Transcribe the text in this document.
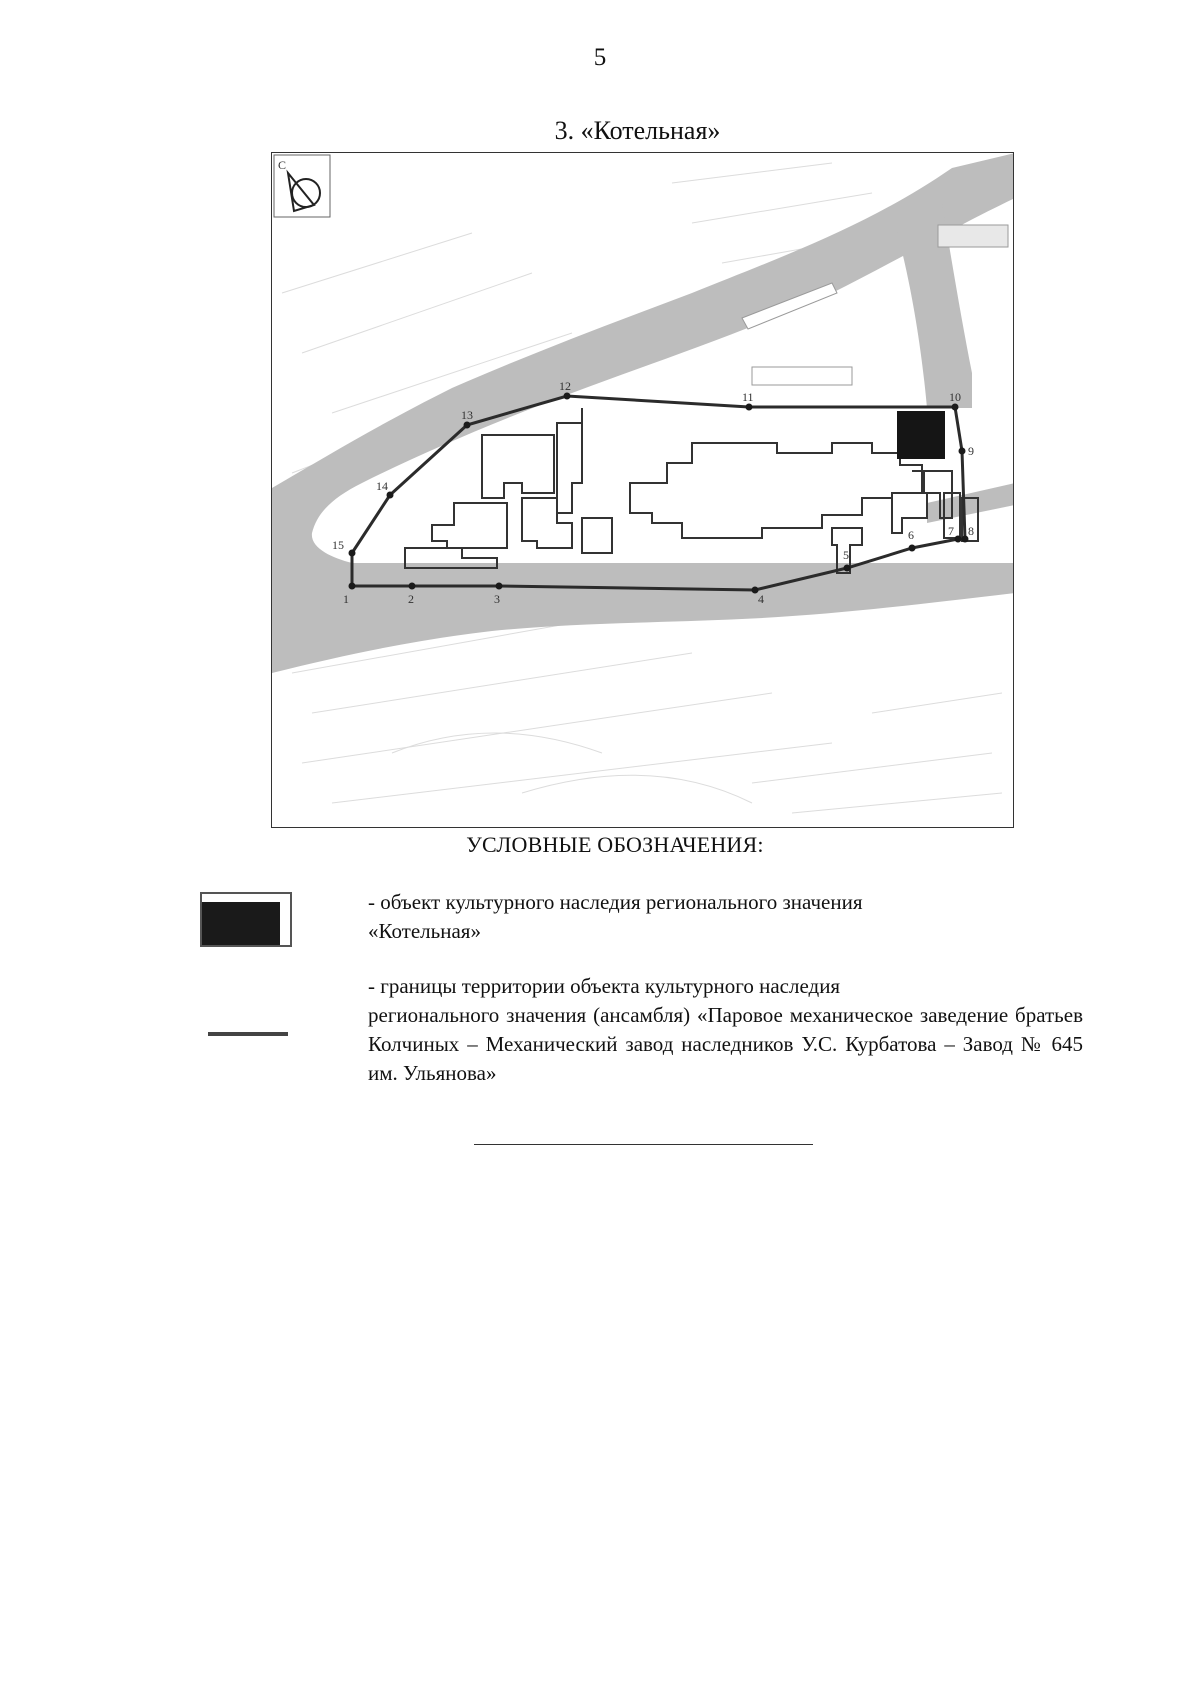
5
3. «Котельная»
С
1	2	3	4
5
6	7 8
9
10
11
12
13
14
15
УСЛОВНЫЕ ОБОЗНАЧЕНИЯ:
- объект культурного наследия регионального значения
«Котельная»
- границы территории объекта культурного наследия
регионального значения (ансамбля) «Паровое механическое заведение братьев Колчиных – Механический завод наследников У.С. Курбатова – Завод № 645 им. Ульянова»
